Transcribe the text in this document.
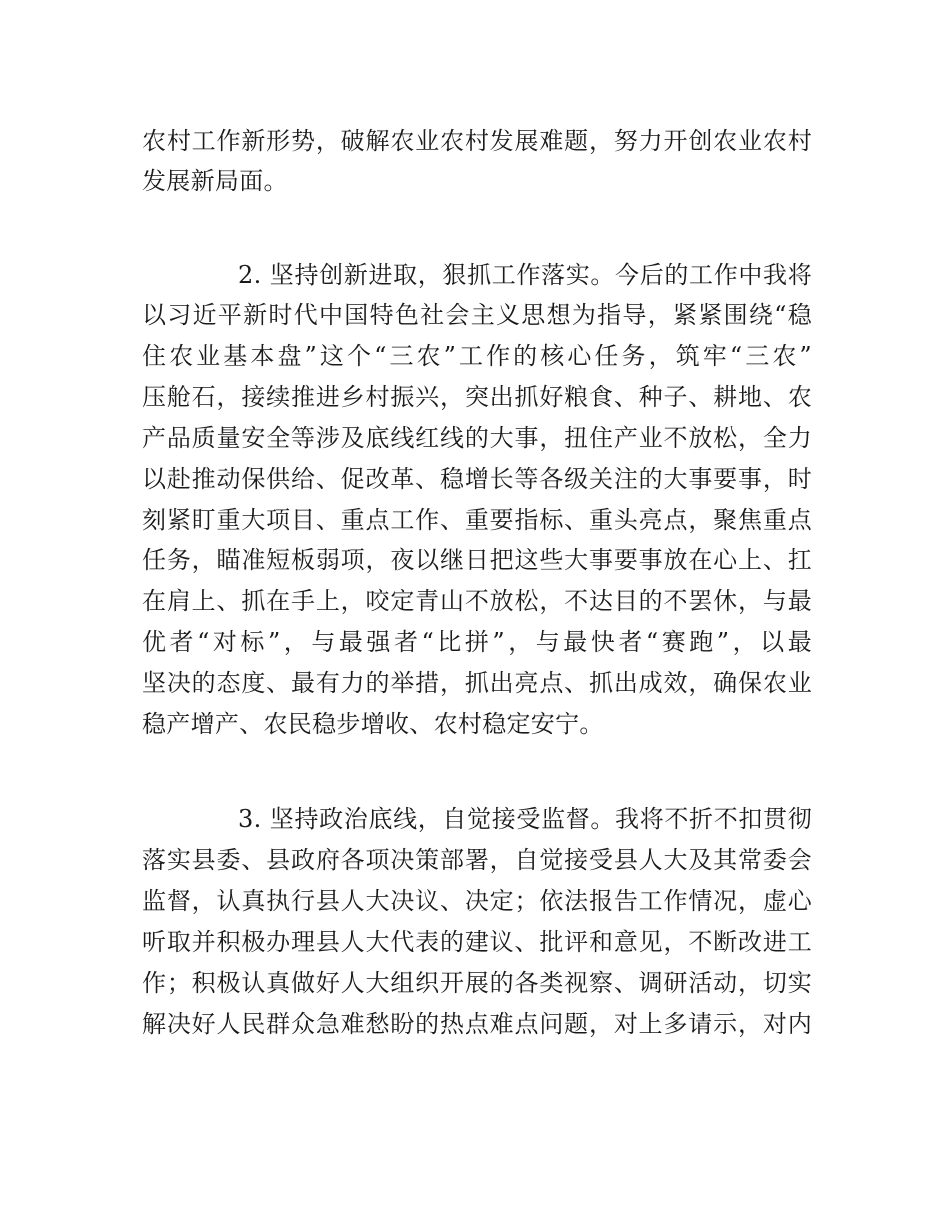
农村工作新形势，破解农业农村发展难题，努力开创农业农村
发展新局面。
2. 坚持创新进取，狠抓工作落实。今后的工作中我将
以习近平新时代中国特色社会主义思想为指导，紧紧围绕“稳
住农业基本盘”这个“三农”工作的核心任务，筑牢“三农”
压舱石，接续推进乡村振兴，突出抓好粮食、种子、耕地、农
产品质量安全等涉及底线红线的大事，扭住产业不放松，全力
以赴推动保供给、促改革、稳增长等各级关注的大事要事，时
刻紧盯重大项目、重点工作、重要指标、重头亮点，聚焦重点
任务，瞄准短板弱项，夜以继日把这些大事要事放在心上、扛
在肩上、抓在手上，咬定青山不放松，不达目的不罢休，与最
优者“对标”，与最强者“比拼”，与最快者“赛跑”，以最
坚决的态度、最有力的举措，抓出亮点、抓出成效，确保农业
稳产增产、农民稳步增收、农村稳定安宁。
3. 坚持政治底线，自觉接受监督。我将不折不扣贯彻
落实县委、县政府各项决策部署，自觉接受县人大及其常委会
监督，认真执行县人大决议、决定；依法报告工作情况，虚心
听取并积极办理县人大代表的建议、批评和意见，不断改进工
作；积极认真做好人大组织开展的各类视察、调研活动，切实
解决好人民群众急难愁盼的热点难点问题，对上多请示，对内
